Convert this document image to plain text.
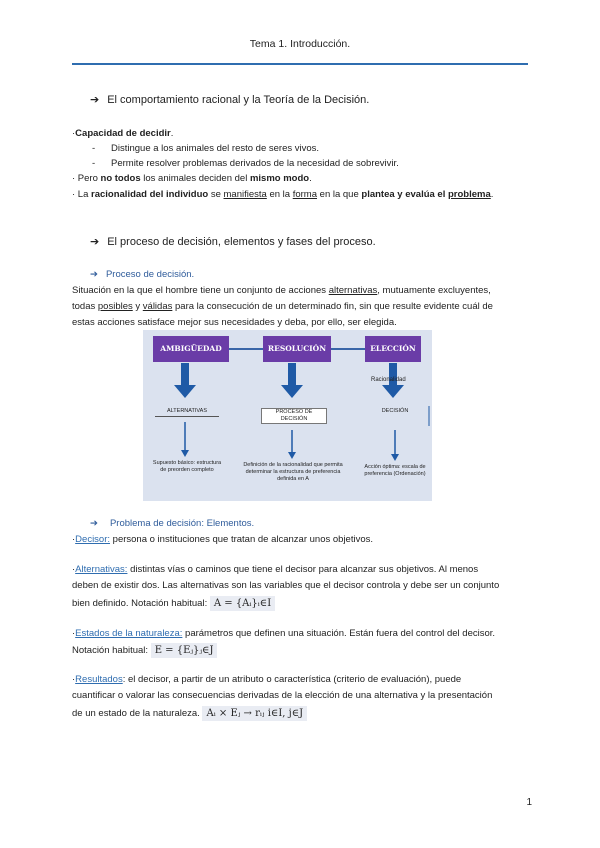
Tema 1. Introducción.
➔ El comportamiento racional y la Teoría de la Decisión.
·Capacidad de decidir.
-      Distingue a los animales del resto de seres vivos.
-      Permite resolver problemas derivados de la necesidad de sobrevivir.
· Pero no todos los animales deciden del mismo modo.
· La racionalidad del individuo se manifiesta en la forma en la que plantea y evalúa el problema.
➔ El proceso de decisión, elementos y fases del proceso.
➔ Proceso de decisión.
Situación en la que el hombre tiene un conjunto de acciones alternativas, mutuamente excluyentes,
todas posibles y válidas para la consecución de un determinado fin, sin que resulte evidente cuál de
estas acciones satisface mejor sus necesidades y deba, por ello, ser elegida.
AMBIGÜEDAD	RESOLUCIÓN	ELECCIÓN
Racionalidad
ALTERNATIVAS	PROCESO DE DECISIÓN
DECISIÓN
Supuesto básico: estructura de preorden completo
Definición de la racionalidad que permita determinar la estructura de preferencia definida en A
Acción óptima: escala de preferencia (Ordenación)
➔ Problema de decisión: Elementos.
·Decisor: persona o instituciones que tratan de alcanzar unos objetivos.
·Alternativas: distintas vías o caminos que tiene el decisor para alcanzar sus objetivos. Al menos
deben de existir dos. Las alternativas son las variables que el decisor controla y debe ser un conjunto
bien definido. Notación habitual: A = {Aᵢ}ᵢ∈I
·Estados de la naturaleza: parámetros que definen una situación. Están fuera del control del decisor.
Notación habitual: E = {Eⱼ}ⱼ∈J
·Resultados: el decisor, a partir de un atributo o característica (criterio de evaluación), puede
cuantificar o valorar las consecuencias derivadas de la elección de una alternativa y la presentación
de un estado de la naturaleza. Aᵢ × Eⱼ → rᵢⱼ i∈I, j∈J
1
